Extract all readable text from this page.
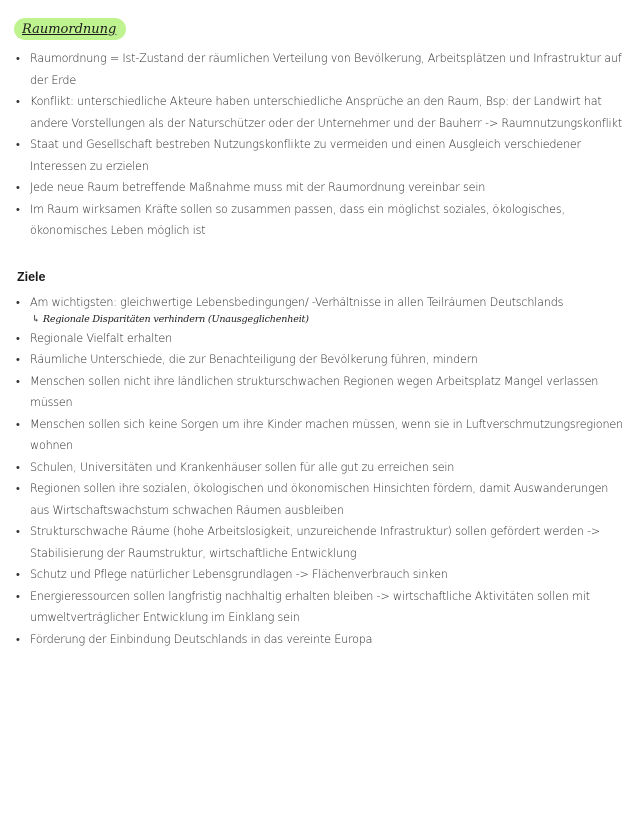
Raumordnung
• Raumordnung = Ist-Zustand der räumlichen Verteilung von Bevölkerung, Arbeitsplätzen und Infrastruktur auf der Erde
• Konflikt: unterschiedliche Akteure haben unterschiedliche Ansprüche an den Raum, Bsp: der Landwirt hat andere Vorstellungen als der Naturschützer oder der Unternehmer und der Bauherr -> Raumnutzungskonflikt
• Staat und Gesellschaft bestreben Nutzungskonflikte zu vermeiden und einen Ausgleich verschiedener Interessen zu erzielen
• Jede neue Raum betreffende Maßnahme muss mit der Raumordnung vereinbar sein
• Im Raum wirksamen Kräfte sollen so zusammen passen, dass ein möglichst soziales, ökologisches, ökonomisches Leben möglich ist
Ziele
• Am wichtigsten: gleichwertige Lebensbedingungen/ -Verhältnisse in allen Teilräumen Deutschlands
↳ Regionale Disparitäten verhindern (Unausgeglichenheit)
• Regionale Vielfalt erhalten
• Räumliche Unterschiede, die zur Benachteiligung der Bevölkerung führen, mindern
• Menschen sollen nicht ihre ländlichen strukturschwachen Regionen wegen Arbeitsplatz Mangel verlassen müssen
• Menschen sollen sich keine Sorgen um ihre Kinder machen müssen, wenn sie in Luftverschmutzungsregionen wohnen
• Schulen, Universitäten und Krankenhäuser sollen für alle gut zu erreichen sein
• Regionen sollen ihre sozialen, ökologischen und ökonomischen Hinsichten fördern, damit Auswanderungen aus Wirtschaftswachstum schwachen Räumen ausbleiben
• Strukturschwache Räume (hohe Arbeitslosigkeit, unzureichende Infrastruktur) sollen gefördert werden -> Stabilisierung der Raumstruktur, wirtschaftliche Entwicklung
• Schutz und Pflege natürlicher Lebensgrundlagen -> Flächenverbrauch sinken
• Energieressourcen sollen langfristig nachhaltig erhalten bleiben -> wirtschaftliche Aktivitäten sollen mit umweltverträglicher Entwicklung im Einklang sein
• Förderung der Einbindung Deutschlands in das vereinte Europa
